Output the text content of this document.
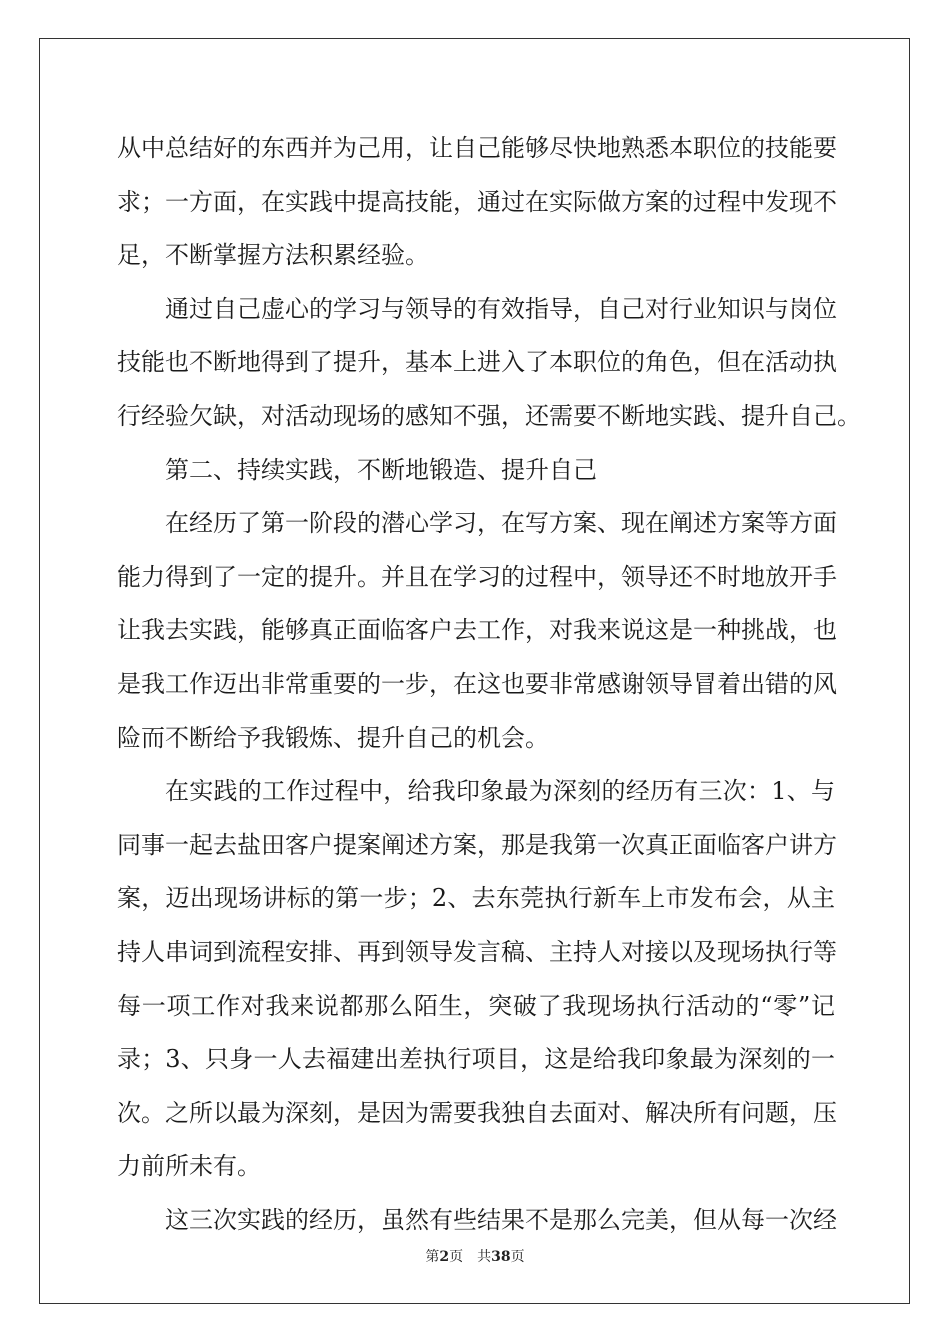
从中总结好的东西并为己用，让自己能够尽快地熟悉本职位的技能要
求；一方面，在实践中提高技能，通过在实际做方案的过程中发现不
足，不断掌握方法积累经验。
通过自己虚心的学习与领导的有效指导，自己对行业知识与岗位
技能也不断地得到了提升，基本上进入了本职位的角色，但在活动执
行经验欠缺，对活动现场的感知不强，还需要不断地实践、提升自己。
第二、持续实践，不断地锻造、提升自己
在经历了第一阶段的潜心学习，在写方案、现在阐述方案等方面
能力得到了一定的提升。并且在学习的过程中，领导还不时地放开手
让我去实践，能够真正面临客户去工作，对我来说这是一种挑战，也
是我工作迈出非常重要的一步，在这也要非常感谢领导冒着出错的风
险而不断给予我锻炼、提升自己的机会。
在实践的工作过程中，给我印象最为深刻的经历有三次：1、与
同事一起去盐田客户提案阐述方案，那是我第一次真正面临客户讲方
案，迈出现场讲标的第一步；2、去东莞执行新车上市发布会，从主
持人串词到流程安排、再到领导发言稿、主持人对接以及现场执行等
每一项工作对我来说都那么陌生，突破了我现场执行活动的“零”记
录；3、只身一人去福建出差执行项目，这是给我印象最为深刻的一
次。之所以最为深刻，是因为需要我独自去面对、解决所有问题，压
力前所未有。
这三次实践的经历，虽然有些结果不是那么完美，但从每一次经
第2页 共38页
